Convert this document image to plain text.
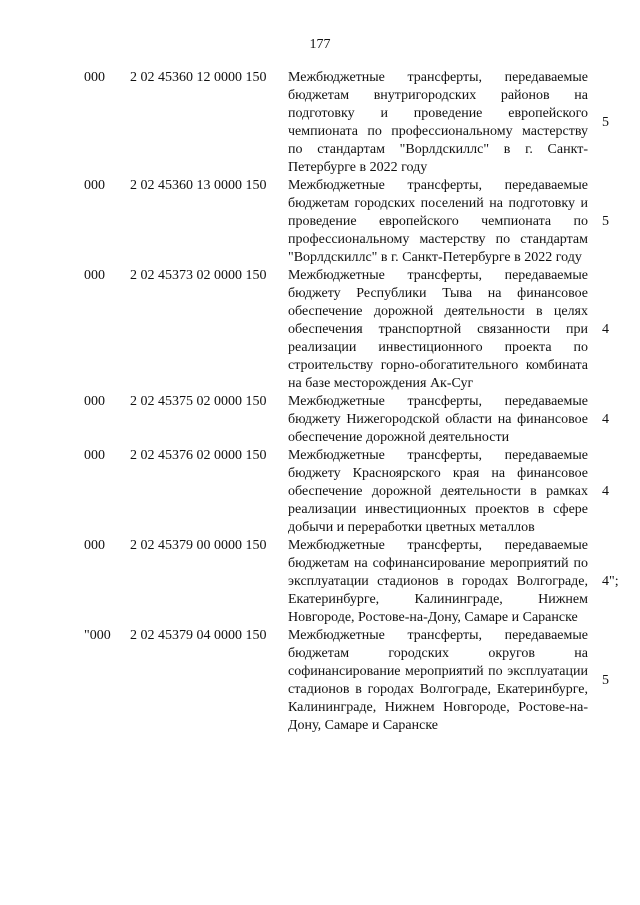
177
000 2 02 45360 12 0000 150 Межбюджетные трансферты, передаваемые бюджетам внутригородских районов на подготовку и проведение европейского чемпионата по профессиональному мастерству по стандартам "Ворлдскиллс" в г. Санкт-Петербурге в 2022 году
5
000 2 02 45360 13 0000 150 Межбюджетные трансферты, передаваемые бюджетам городских поселений на подготовку и проведение европейского чемпионата по профессиональному мастерству по стандартам "Ворлдскиллс" в г. Санкт-Петербурге в 2022 году
5
000 2 02 45373 02 0000 150 Межбюджетные трансферты, передаваемые бюджету Республики Тыва на финансовое обеспечение дорожной деятельности в целях обеспечения транспортной связанности при реализации инвестиционного проекта по строительству горно-обогатительного комбината на базе месторождения Ак-Суг
4
000 2 02 45375 02 0000 150 Межбюджетные трансферты, передаваемые бюджету Нижегородской области на финансовое обеспечение дорожной деятельности
4
000 2 02 45376 02 0000 150 Межбюджетные трансферты, передаваемые бюджету Красноярского края на финансовое обеспечение дорожной деятельности в рамках реализации инвестиционных проектов в сфере добычи и переработки цветных металлов
4
000 2 02 45379 00 0000 150 Межбюджетные трансферты, передаваемые бюджетам на софинансирование мероприятий по эксплуатации стадионов в городах Волгограде, Екатеринбурге, Калининграде, Нижнем Новгороде, Ростове-на-Дону, Самаре и Саранске
4";
"000 2 02 45379 04 0000 150 Межбюджетные трансферты, передаваемые бюджетам городских округов на софинансирование мероприятий по эксплуатации стадионов в городах Волгограде, Екатеринбурге, Калининграде, Нижнем Новгороде, Ростове-на-Дону, Самаре и Саранске
5
